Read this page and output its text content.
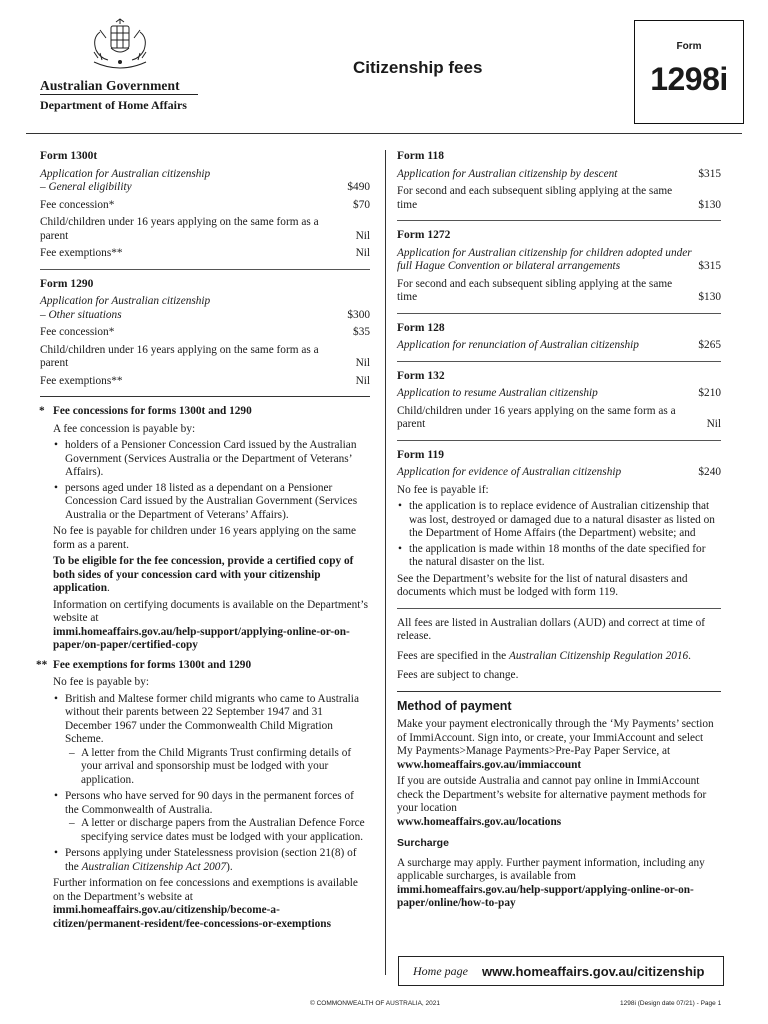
Australian Government
Department of Home Affairs
Citizenship fees
Form
1298i
Form 1300t
Application for Australian citizenship
– General eligibility	$490
Fee concession*	$70
Child/children under 16 years applying on the same form as a parent	Nil
Fee exemptions**	Nil
Form 1290
Application for Australian citizenship
– Other situations	$300
Fee concession*	$35
Child/children under 16 years applying on the same form as a parent	Nil
Fee exemptions**	Nil
* Fee concessions for forms 1300t and 1290

A fee concession is payable by:

• holders of a Pensioner Concession Card issued by the Australian Government (Services Australia or the Department of Veterans’ Affairs).
• persons aged under 18 listed as a dependant on a Pensioner Concession Card issued by the Australian Government (Services Australia or the Department of Veterans’ Affairs).

No fee is payable for children under 16 years applying on the same form as a parent.

To be eligible for the fee concession, provide a certified copy of both sides of your concession card with your citizenship application.

Information on certifying documents is available on the Department’s website at
immi.homeaffairs.gov.au/help-support/applying-online-or-on-paper/on-paper/certified-copy

** Fee exemptions for forms 1300t and 1290

No fee is payable by:

• British and Maltese former child migrants who came to Australia without their parents between 22 September 1947 and 31 December 1967 under the Commonwealth Child Migration Scheme.
– A letter from the Child Migrants Trust confirming details of your arrival and sponsorship must be lodged with your application.
• Persons who have served for 90 days in the permanent forces of the Commonwealth of Australia.
– A letter or discharge papers from the Australian Defence Force specifying service dates must be lodged with your application.
• Persons applying under Statelessness provision (section 21(8) of the Australian Citizenship Act 2007).

Further information on fee concessions and exemptions is available on the Department’s website at
immi.homeaffairs.gov.au/citizenship/become-a-citizen/permanent-resident/fee-concessions-or-exemptions

Form 118
Application for Australian citizenship by descent	$315
For second and each subsequent sibling applying at the same time	$130
Form 1272
Application for Australian citizenship for children adopted under full Hague Convention or bilateral arrangements	$315
For second and each subsequent sibling applying at the same time	$130
Form 128
Application for renunciation of Australian citizenship	$265
Form 132
Application to resume Australian citizenship	$210
Child/children under 16 years applying on the same form as a parent	Nil
Form 119
Application for evidence of Australian citizenship	$240

No fee is payable if:

• the application is to replace evidence of Australian citizenship that was lost, destroyed or damaged due to a natural disaster as listed on the Department of Home Affairs (the Department) website; and
• the application is made within 18 months of the date specified for the natural disaster on the list.

See the Department’s website for the list of natural disasters and documents which must be lodged with form 119.

All fees are listed in Australian dollars (AUD) and correct at time of release.

Fees are specified in the Australian Citizenship Regulation 2016.

Fees are subject to change.

Method of payment

Make your payment electronically through the ‘My Payments’ section of ImmiAccount. Sign into, or create, your ImmiAccount and select My Payments>Manage Payments>Pre-Pay Paper Service, at www.homeaffairs.gov.au/immiaccount

If you are outside Australia and cannot pay online in ImmiAccount check the Department’s website for alternative payment methods for your location
www.homeaffairs.gov.au/locations

Surcharge

A surcharge may apply. Further payment information, including any applicable surcharges, is available from
immi.homeaffairs.gov.au/help-support/applying-online-or-on-paper/online/how-to-pay

Home page www.homeaffairs.gov.au/citizenship
© COMMONWEALTH OF AUSTRALIA, 2021	1298i (Design date 07/21) - Page 1
